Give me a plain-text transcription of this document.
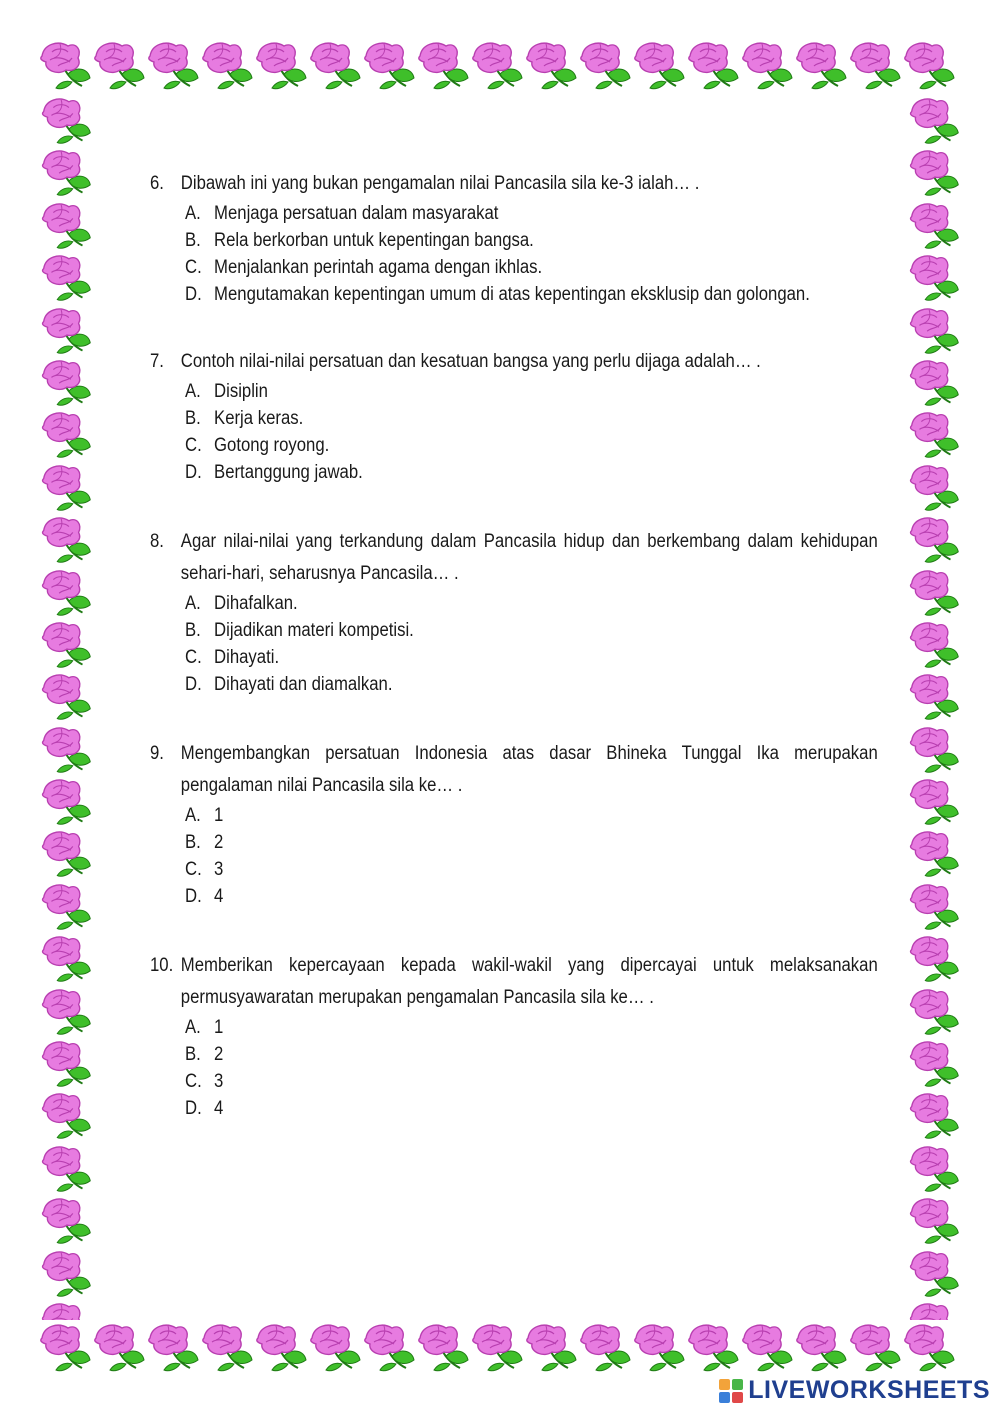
6. Dibawah ini yang bukan pengamalan nilai Pancasila sila ke-3 ialah… .
A. Menjaga persatuan dalam masyarakat
B. Rela berkorban untuk kepentingan bangsa.
C. Menjalankan perintah agama dengan ikhlas.
D. Mengutamakan kepentingan umum di atas kepentingan eksklusip dan golongan.
7. Contoh nilai-nilai persatuan dan kesatuan bangsa yang perlu dijaga adalah… .
A. Disiplin
B. Kerja keras.
C. Gotong royong.
D. Bertanggung jawab.
8. Agar nilai-nilai yang terkandung dalam Pancasila hidup dan berkembang dalam kehidupan sehari-hari, seharusnya Pancasila… .
A. Dihafalkan.
B. Dijadikan materi kompetisi.
C. Dihayati.
D. Dihayati dan diamalkan.
9. Mengembangkan persatuan Indonesia atas dasar Bhineka Tunggal Ika merupakan pengalaman nilai Pancasila sila ke… .
A. 1
B. 2
C. 3
D. 4
10. Memberikan kepercayaan kepada wakil-wakil yang dipercayai untuk melaksanakan permusyawaratan merupakan pengamalan Pancasila sila ke… .
A. 1
B. 2
C. 3
D. 4
LIVEWORKSHEETS
